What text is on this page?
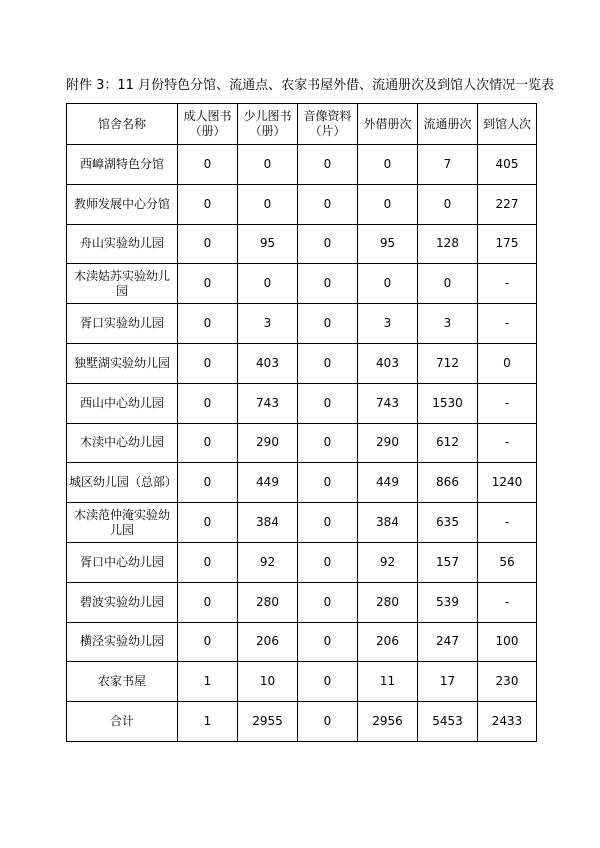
附件 3：11 月份特色分馆、流通点、农家书屋外借、流通册次及到馆人次情况一览表
馆舍名称	成人图书（册）	少儿图书（册）	音像资料（片）	外借册次	流通册次	到馆人次
西嶂湖特色分馆	0	0	0	0	7	405
教师发展中心分馆	0	0	0	0	0	227
舟山实验幼儿园	0	95	0	95	128	175
木渎姑苏实验幼儿园	0	0	0	0	0	-
胥口实验幼儿园	0	3	0	3	3	-
独墅湖实验幼儿园	0	403	0	403	712	0
西山中心幼儿园	0	743	0	743	1530	-
木渎中心幼儿园	0	290	0	290	612	-
城区幼儿园（总部）	0	449	0	449	866	1240
木渎范仲淹实验幼儿园	0	384	0	384	635	-
胥口中心幼儿园	0	92	0	92	157	56
碧波实验幼儿园	0	280	0	280	539	-
横泾实验幼儿园	0	206	0	206	247	100
农家书屋	1	10	0	11	17	230
合计	1	2955	0	2956	5453	2433
